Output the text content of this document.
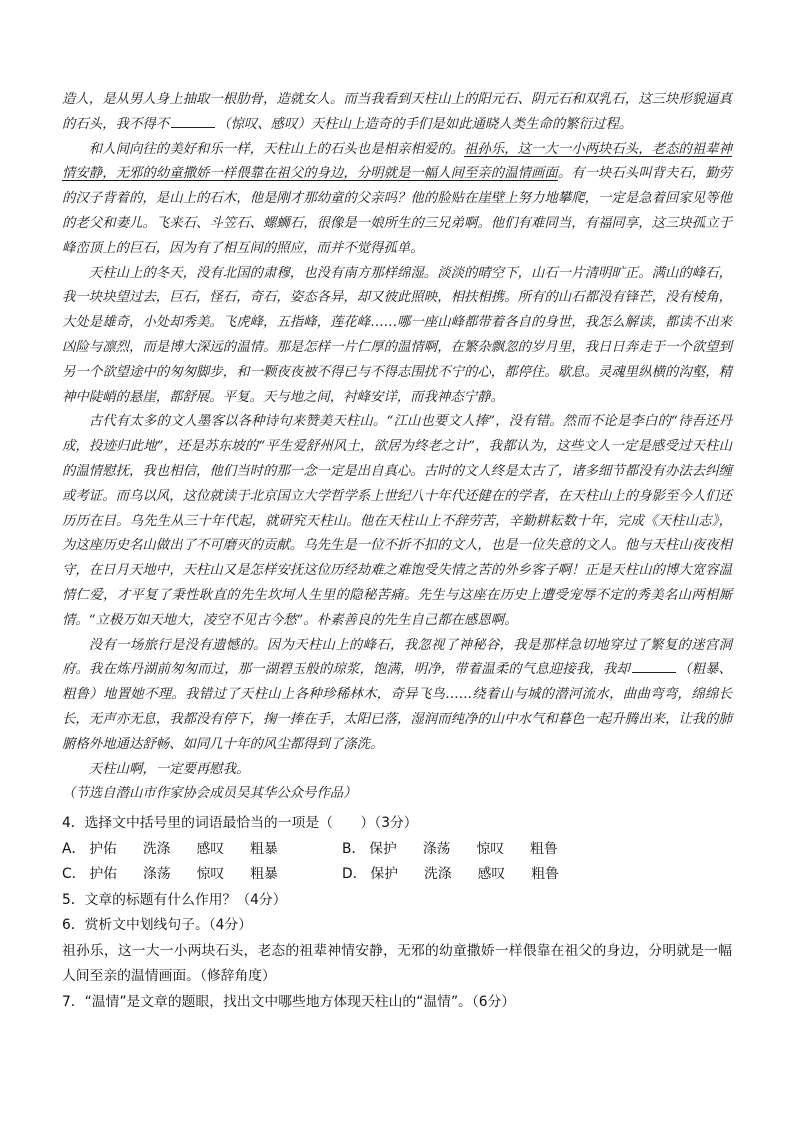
造人，是从男人身上抽取一根肋骨，造就女人。而当我看到天柱山上的阳元石、阴元石和双乳石，这三块形貌逼真的石头，我不得不	（惊叹、感叹）天柱山上造奇的手们是如此通晓人类生命的繁衍过程。

和人间向往的美好和乐一样，天柱山上的石头也是相亲相爱的。祖孙乐，这一大一小两块石头，老态的祖辈神情安静，无邪的幼童撒娇一样偎靠在祖父的身边，分明就是一幅人间至亲的温情画面。有一块石头叫背夫石，勤劳的汉子背着的，是山上的石木，他是刚才那幼童的父亲吗？他的脸贴在崖壁上努力地攀爬，一定是急着回家见等他的老父和妻儿。飞来石、斗笠石、螺蛳石，很像是一娘所生的三兄弟啊。他们有难同当，有福同享，这三块孤立于峰峦顶上的巨石，因为有了相互间的照应，而并不觉得孤单。

天柱山上的冬天，没有北国的肃穆，也没有南方那样绵湿。淡淡的晴空下，山石一片清明旷正。满山的峰石，我一块块望过去，巨石，怪石，奇石，姿态各异，却又彼此照映，相扶相携。所有的山石都没有锋芒，没有棱角，大处是雄奇，小处却秀美。飞虎峰，五指峰，莲花峰……哪一座山峰都带着各自的身世，我怎么解读，都读不出来凶险与凛烈，而是博大深远的温情。那是怎样一片仁厚的温情啊，在繁杂飘忽的岁月里，我日日奔走于一个欲望到另一个欲望途中的匆匆脚步，和一颗夜夜被不得已与不得志围扰不宁的心，都停住。歇息。灵魂里纵横的沟壑，精神中陡峭的悬崖，都舒展。平复。天与地之间，衬峰安详，而我神态宁静。

古代有太多的文人墨客以各种诗句来赞美天柱山。“江山也要文人捧”，没有错。然而不论是李白的“待吾还丹成，投迹归此地”，还是苏东坡的“平生爱舒州风土，欲居为终老之计”，我都认为，这些文人一定是感受过天柱山的温情慰抚，我也相信，他们当时的那一念一定是出自真心。古时的文人终是太古了，诸多细节都没有办法去纠缠或考证。而乌以风，这位就读于北京国立大学哲学系上世纪八十年代还健在的学者，在天柱山上的身影至今人们还历历在目。乌先生从三十年代起，就研究天柱山。他在天柱山上不辞劳苦，辛勤耕耘数十年，完成《天柱山志》，为这座历史名山做出了不可磨灭的贡献。乌先生是一位不折不扣的文人，也是一位失意的文人。他与天柱山夜夜相守，在日月天地中，天柱山又是怎样安抚这位历经劫难之难饱受失情之苦的外乡客子啊！正是天柱山的博大宽容温情仁爱，才平复了秉性耿直的先生坎坷人生里的隐秘苦痛。先生与这座在历史上遭受宠辱不定的秀美名山两相厮情。“立极万如天地大，凌空不见古今愁”。朴素善良的先生自己都在感恩啊。

没有一场旅行是没有遗憾的。因为天柱山上的峰石，我忽视了神秘谷，我是那样急切地穿过了繁复的迷宫洞府。我在炼丹湖前匆匆而过，那一湖碧玉般的琼浆，饱满，明净，带着温柔的气息迎接我，我却	（粗暴、粗鲁）地置她不理。我错过了天柱山上各种珍稀林木，奇异飞鸟……绕着山与城的潜河流水，曲曲弯弯，绵绵长长，无声亦无息，我都没有停下，掬一捧在手，太阳已落，湿润而纯净的山中水气和暮色一起升腾出来，让我的肺腑格外地通达舒畅、如同几十年的风尘都得到了涤洗。

天柱山啊，一定要再慰我。

（节选自潜山市作家协会成员吴其华公众号作品）

4．选择文中括号里的词语最恰当的一项是（　　）（3分）

A． 护佑 洗涤 感叹 粗暴	B． 保护 涤荡 惊叹 粗鲁
C． 护佑 涤荡 惊叹 粗暴	D． 保护 洗涤 感叹 粗鲁

5．文章的标题有什么作用？（4分）

6．赏析文中划线句子。（4分）

祖孙乐，这一大一小两块石头，老态的祖辈神情安静，无邪的幼童撒娇一样偎靠在祖父的身边，分明就是一幅人间至亲的温情画面。（修辞角度）

7．“温情”是文章的题眼，找出文中哪些地方体现天柱山的“温情”。（6分）
